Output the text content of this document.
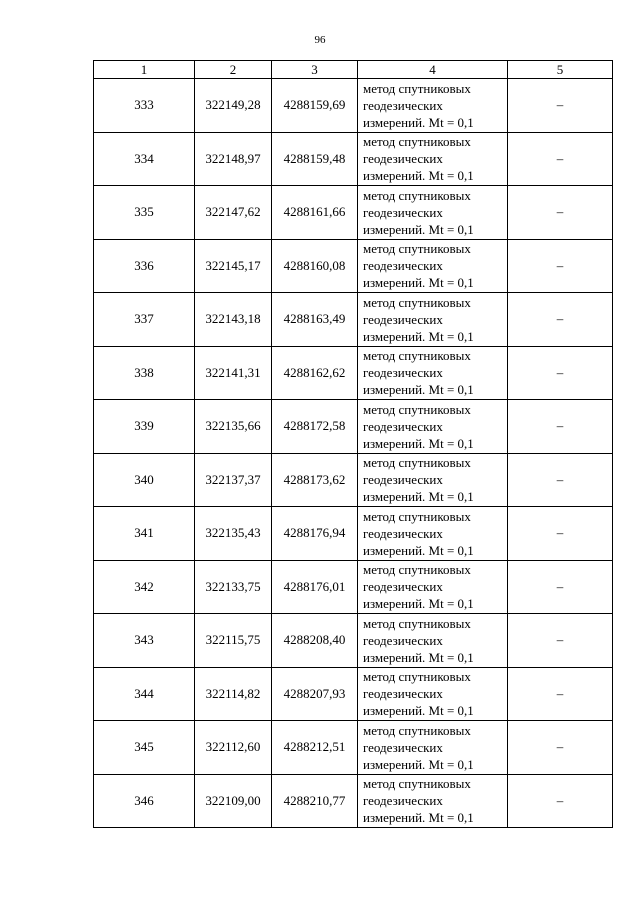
96
1	2	3	4	5
333	322149,28	4288159,69	метод спутниковых
геодезических
измерений. Mt = 0,1	–
334	322148,97	4288159,48	метод спутниковых
геодезических
измерений. Mt = 0,1	–
335	322147,62	4288161,66	метод спутниковых
геодезических
измерений. Mt = 0,1	–
336	322145,17	4288160,08	метод спутниковых
геодезических
измерений. Mt = 0,1	–
337	322143,18	4288163,49	метод спутниковых
геодезических
измерений. Mt = 0,1	–
338	322141,31	4288162,62	метод спутниковых
геодезических
измерений. Mt = 0,1	–
339	322135,66	4288172,58	метод спутниковых
геодезических
измерений. Mt = 0,1	–
340	322137,37	4288173,62	метод спутниковых
геодезических
измерений. Mt = 0,1	–
341	322135,43	4288176,94	метод спутниковых
геодезических
измерений. Mt = 0,1	–
342	322133,75	4288176,01	метод спутниковых
геодезических
измерений. Mt = 0,1	–
343	322115,75	4288208,40	метод спутниковых
геодезических
измерений. Mt = 0,1	–
344	322114,82	4288207,93	метод спутниковых
геодезических
измерений. Mt = 0,1	–
345	322112,60	4288212,51	метод спутниковых
геодезических
измерений. Mt = 0,1	–
346	322109,00	4288210,77	метод спутниковых
геодезических
измерений. Mt = 0,1	–
